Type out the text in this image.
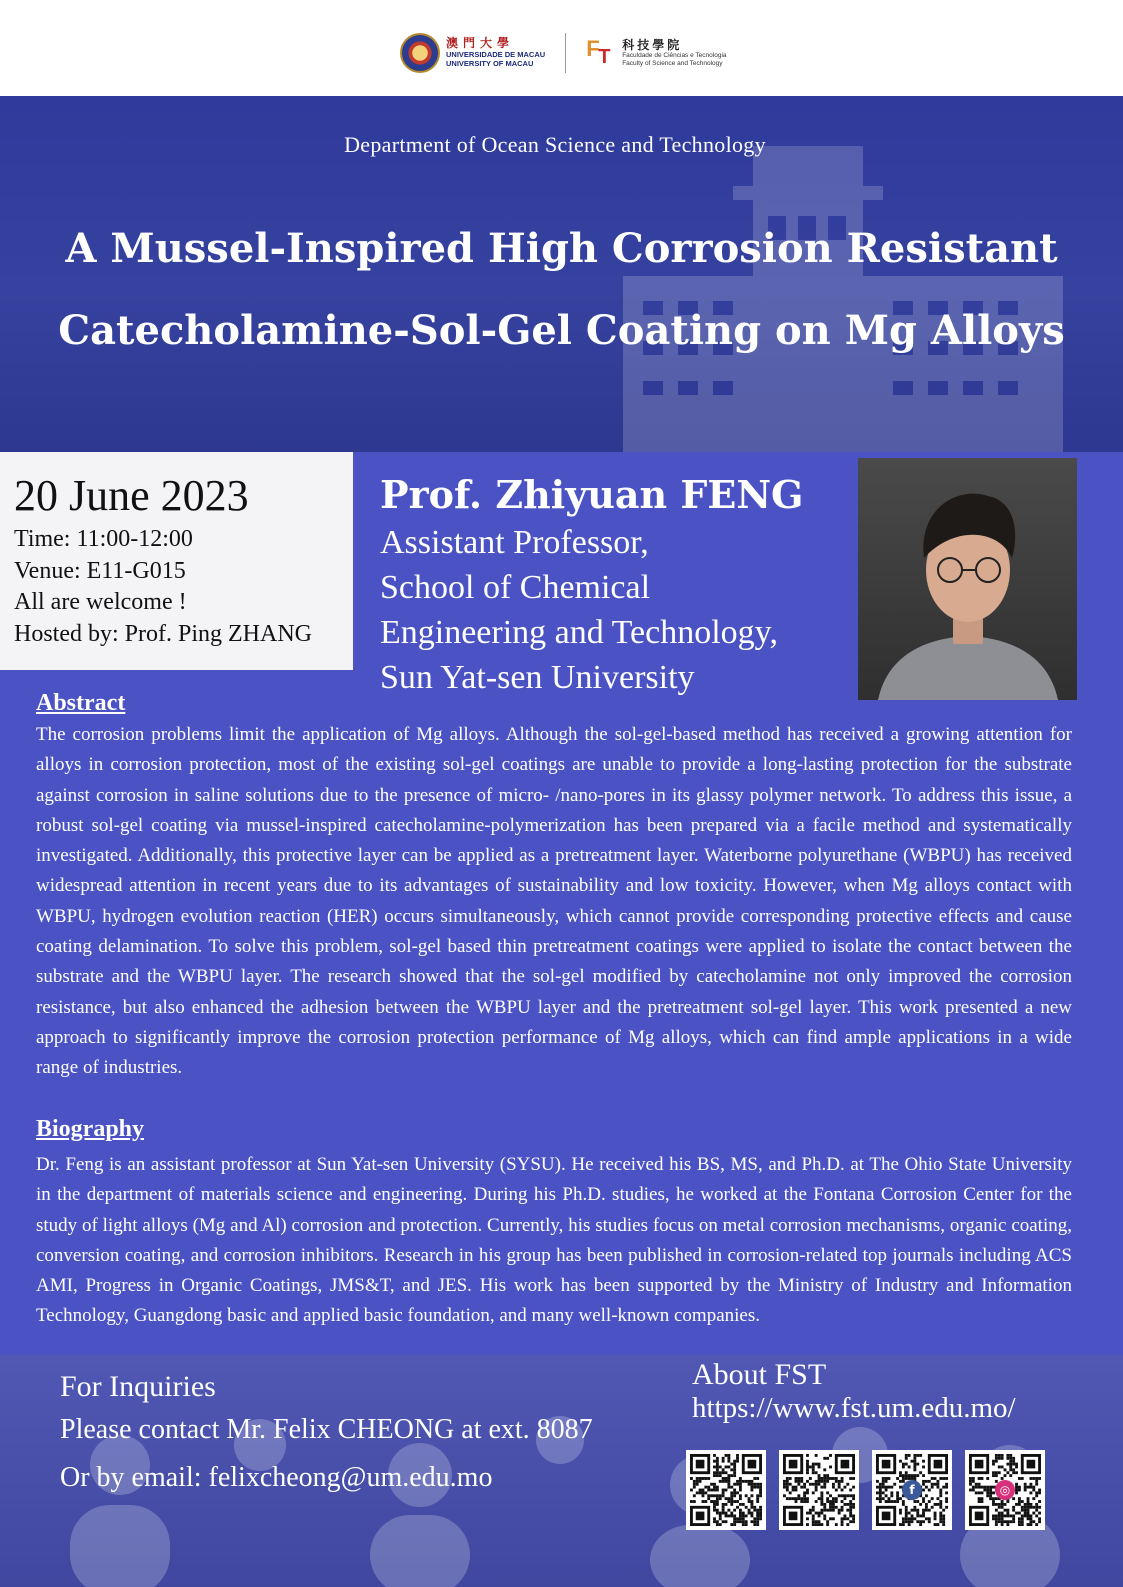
澳門大學
UNIVERSIDADE DE MACAU
UNIVERSITY OF MACAU
F
T
科技學院
Faculdade de Ciências e Tecnologia
Faculty of Science and Technology
Department of Ocean Science and Technology
A Mussel-Inspired High Corrosion Resistant
Catecholamine-Sol-Gel Coating on Mg Alloys
20 June 2023
Time: 11:00-12:00
Venue: E11-G015
All are welcome !
Hosted by: Prof. Ping ZHANG
Prof. Zhiyuan FENG
Assistant Professor,
School of Chemical
Engineering and Technology,
Sun Yat-sen University
Abstract
The corrosion problems limit the application of Mg alloys. Although the sol-gel-based method has received a growing attention for alloys in corrosion protection, most of the existing sol-gel coatings are unable to provide a long-lasting protection for the substrate against corrosion in saline solutions due to the presence of micro- /nano-pores in its glassy polymer network. To address this issue, a robust sol-gel coating via mussel-inspired catecholamine-polymerization has been prepared via a facile method and systematically investigated. Additionally, this protective layer can be applied as a pretreatment layer. Waterborne polyurethane (WBPU) has received widespread attention in recent years due to its advantages of sustainability and low toxicity. However, when Mg alloys contact with WBPU, hydrogen evolution reaction (HER) occurs simultaneously, which cannot provide corresponding protective effects and cause coating delamination. To solve this problem, sol-gel based thin pretreatment coatings were applied to isolate the contact between the substrate and the WBPU layer. The research showed that the sol-gel modified by catecholamine not only improved the corrosion resistance, but also enhanced the adhesion between the WBPU layer and the pretreatment sol-gel layer. This work presented a new approach to significantly improve the corrosion protection performance of Mg alloys, which can find ample applications in a wide range of industries.
Biography
Dr. Feng is an assistant professor at Sun Yat-sen University (SYSU). He received his BS, MS, and Ph.D. at The Ohio State University in the department of materials science and engineering. During his Ph.D. studies, he worked at the Fontana Corrosion Center for the study of light alloys (Mg and Al) corrosion and protection. Currently, his studies focus on metal corrosion mechanisms, organic coating, conversion coating, and corrosion inhibitors. Research in his group has been published in corrosion-related top journals including ACS AMI, Progress in Organic Coatings, JMS&T, and JES. His work has been supported by the Ministry of Industry and Information Technology, Guangdong basic and applied basic foundation, and many well-known companies.
For Inquiries
Please contact Mr. Felix CHEONG at ext. 8087
Or by email: felixcheong@um.edu.mo
About FST
https://www.fst.um.edu.mo/
f	◎
